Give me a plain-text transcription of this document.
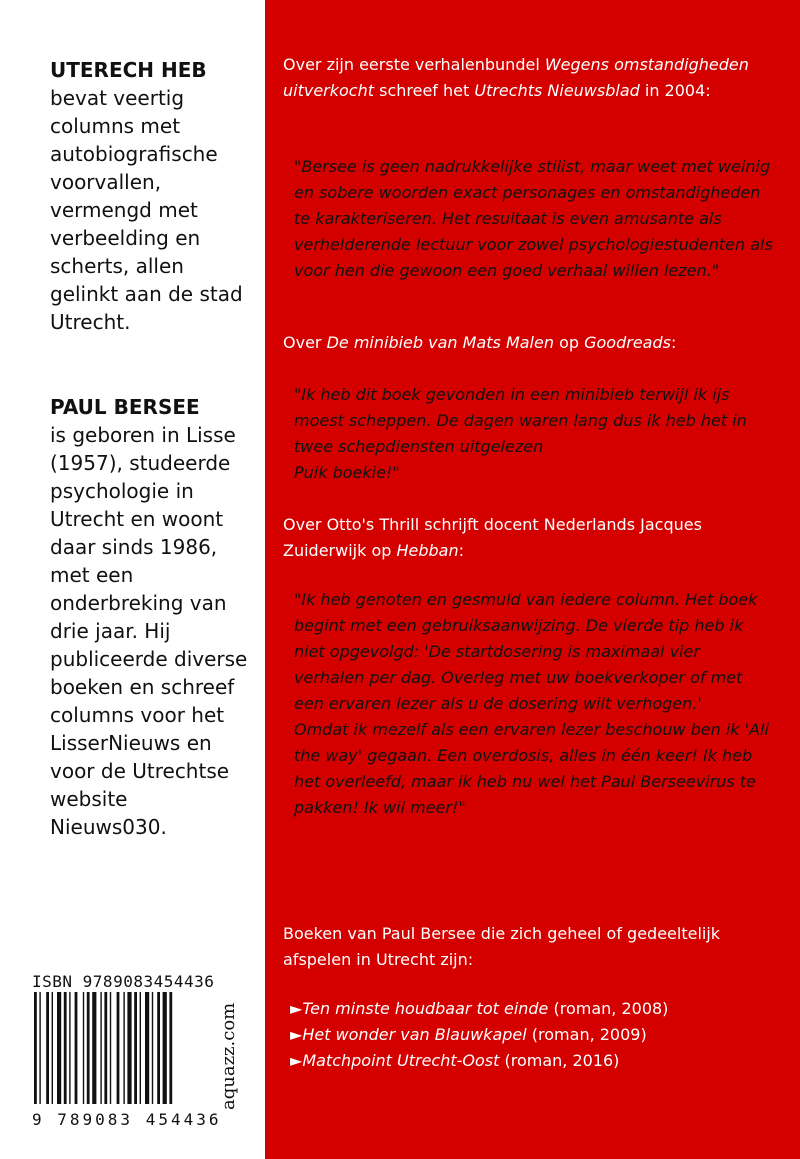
UTERECH HEB
bevat veertig columns met autobiografische voorvallen, vermengd met verbeelding en scherts, allen gelinkt aan de stad Utrecht.
PAUL BERSEE
is geboren in Lisse (1957), studeerde psychologie in Utrecht en woont daar sinds 1986, met een onderbreking van drie jaar. Hij publiceerde diverse boeken en schreef columns voor het LisserNieuws en voor de Utrechtse website Nieuws030.
ISBN 9789083454436
9 789083 454436
aquazz.com
Over zijn eerste verhalenbundel Wegens omstandigheden uitverkocht schreef het Utrechts Nieuwsblad in 2004:
"Bersee is geen nadrukkelijke stilist, maar weet met weinig en sobere woorden exact personages en omstandigheden te karakteriseren. Het resultaat is even amusante als verhelderende lectuur voor zowel psychologiestudenten als voor hen die gewoon een goed verhaal willen lezen."
Over De minibieb van Mats Malen op Goodreads:
"Ik heb dit boek gevonden in een minibieb terwijl ik ijs moest scheppen. De dagen waren lang dus ik heb het in twee schepdiensten uitgelezen
Puik boekie!"
Over Otto's Thrill schrijft docent Nederlands Jacques Zuiderwijk op Hebban:
"Ik heb genoten en gesmuld van iedere column. Het boek begint met een gebruiksaanwijzing. De vierde tip heb ik niet opgevolgd: 'De startdosering is maximaal vier verhalen per dag. Overleg met uw boekverkoper of met een ervaren lezer als u de dosering wilt verhogen.'
Omdat ik mezelf als een ervaren lezer beschouw ben ik 'All the way' gegaan. Een overdosis, alles in één keer! Ik heb het overleefd, maar ik heb nu wel het Paul Berseevirus te pakken! Ik wil meer!"
Boeken van Paul Bersee die zich geheel of gedeeltelijk afspelen in Utrecht zijn:
►Ten minste houdbaar tot einde (roman, 2008)
►Het wonder van Blauwkapel (roman, 2009)
►Matchpoint Utrecht-Oost (roman, 2016)
